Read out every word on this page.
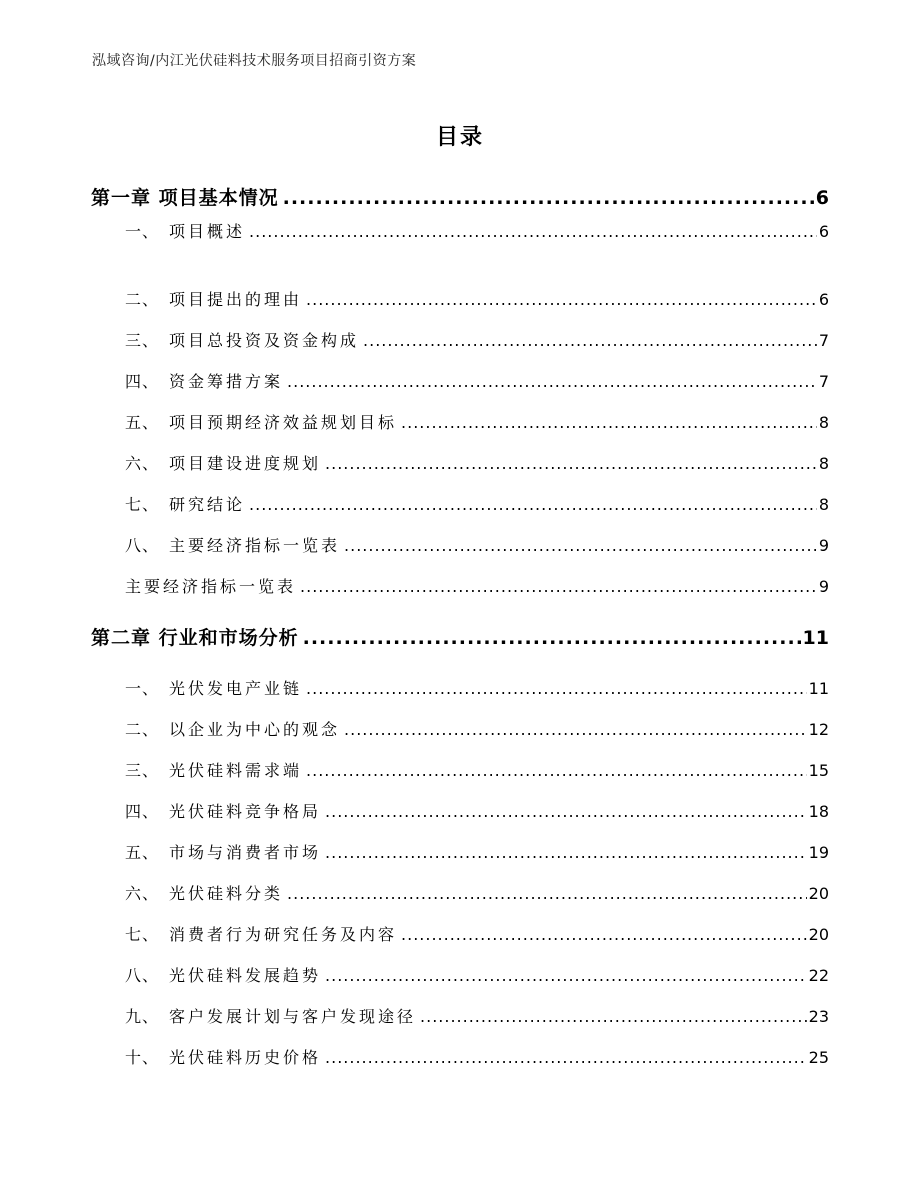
泓域咨询/内江光伏硅料技术服务项目招商引资方案
目录
第一章 项目基本情况 .....	6
一、 项目概述 .....	6
二、 项目提出的理由 .....	6
三、 项目总投资及资金构成 .....	7
四、 资金筹措方案 .....	7
五、 项目预期经济效益规划目标 .....	8
六、 项目建设进度规划 .....	8
七、 研究结论 .....	8
八、 主要经济指标一览表 .....	9
主要经济指标一览表 .....	9
第二章 行业和市场分析 .....	11
一、 光伏发电产业链 .....	11
二、 以企业为中心的观念 .....	12
三、 光伏硅料需求端 .....	15
四、 光伏硅料竞争格局 .....	18
五、 市场与消费者市场 .....	19
六、 光伏硅料分类 .....	20
七、 消费者行为研究任务及内容 .....	20
八、 光伏硅料发展趋势 .....	22
九、 客户发展计划与客户发现途径 .....	23
十、 光伏硅料历史价格 .....	25
